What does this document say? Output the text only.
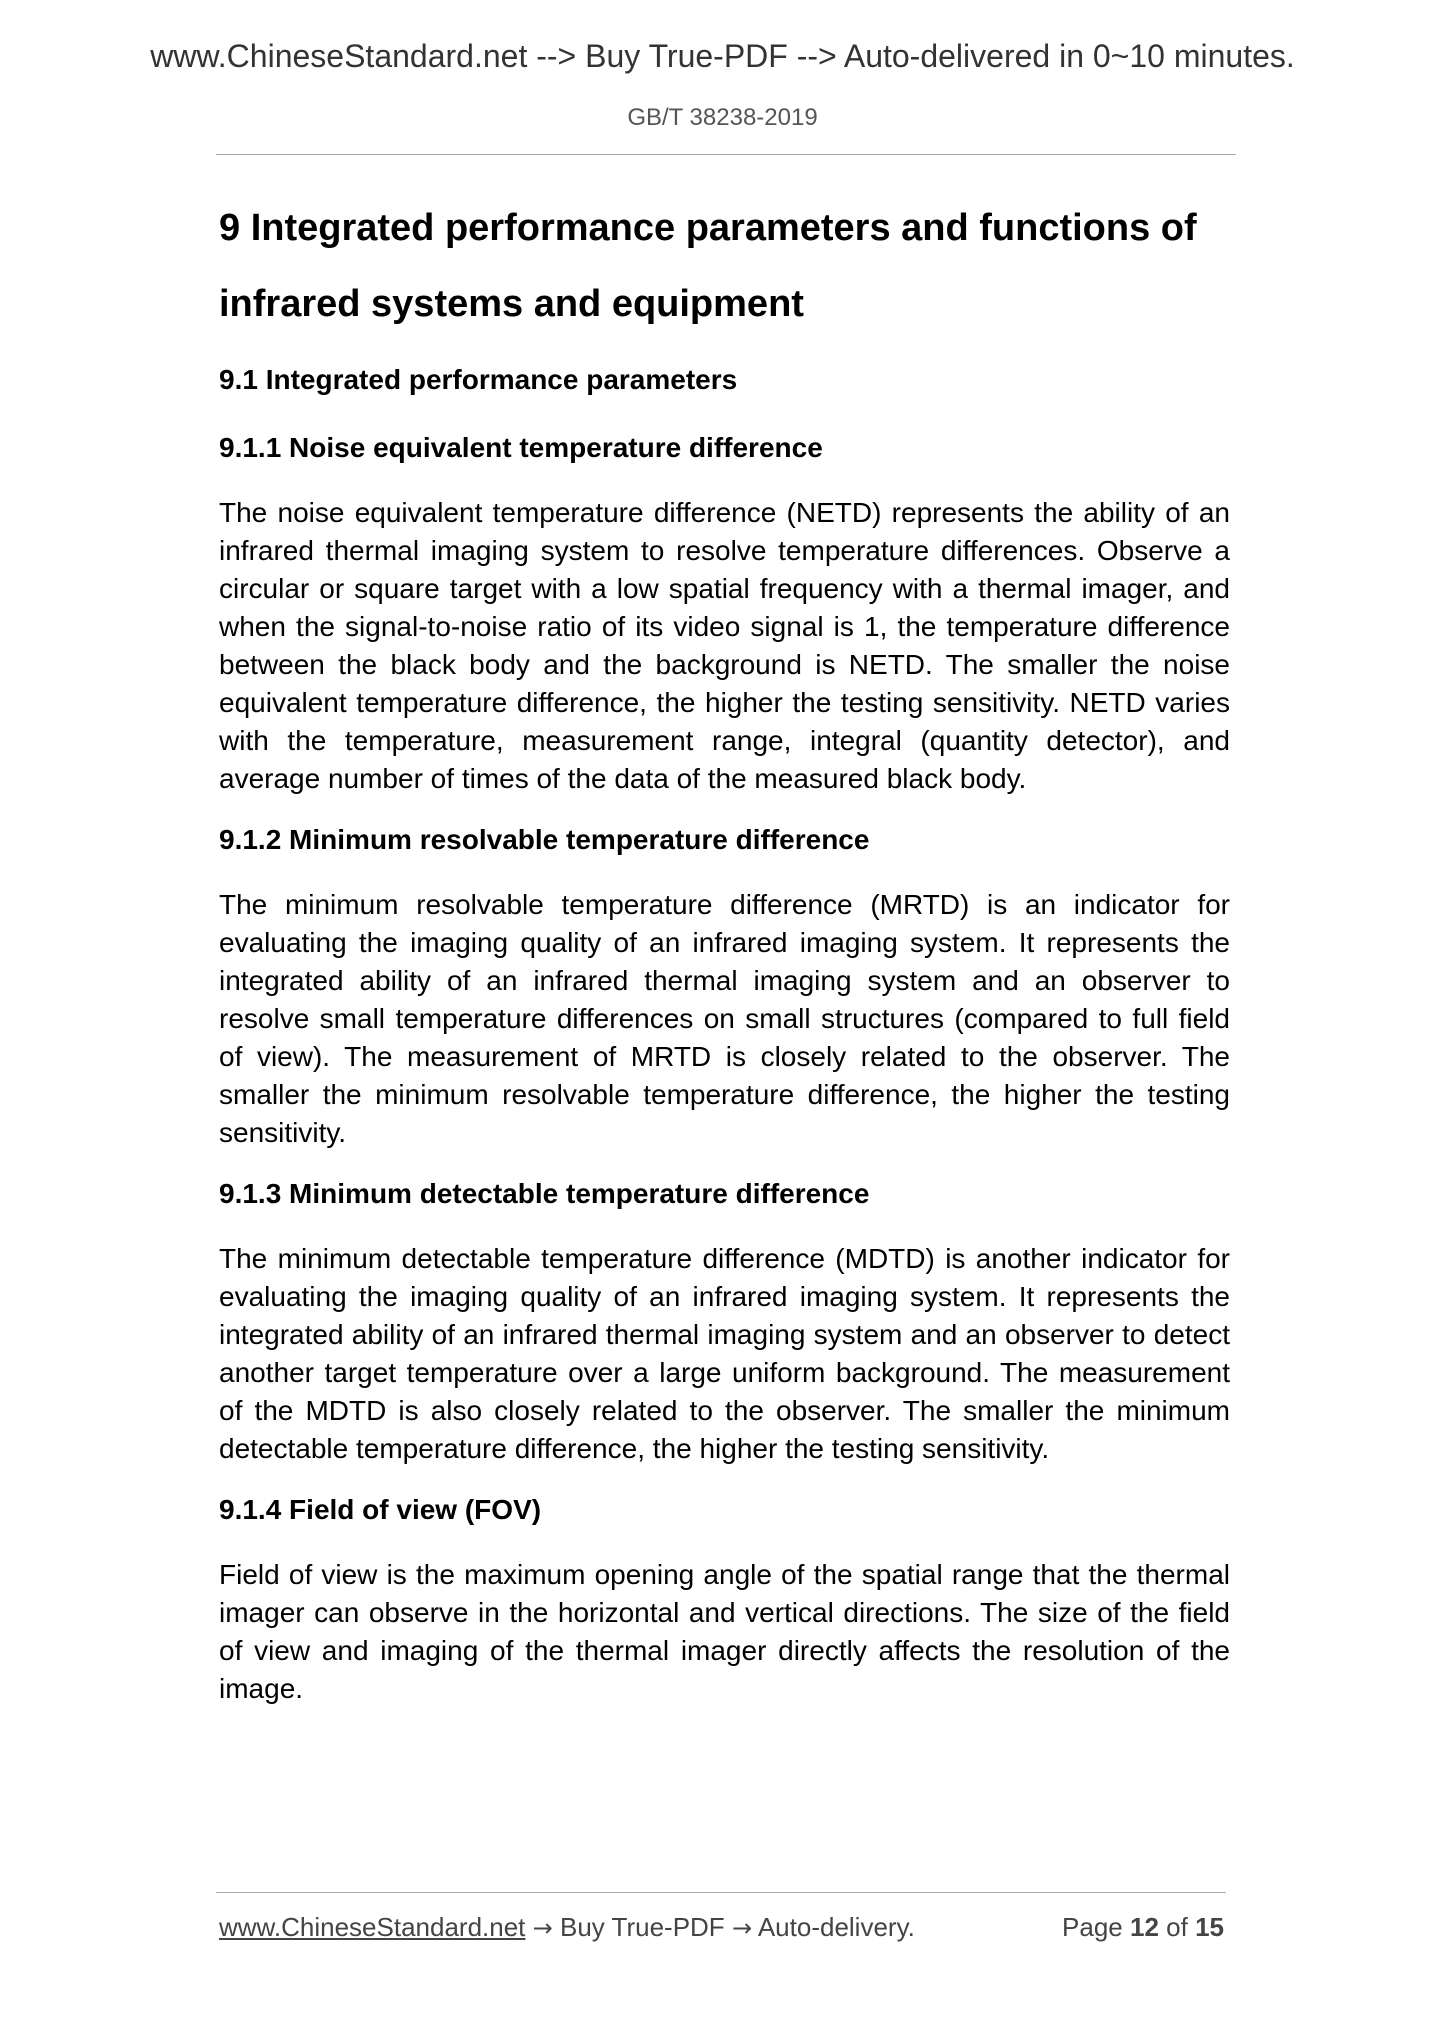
www.ChineseStandard.net --> Buy True-PDF --> Auto-delivered in 0~10 minutes.
GB/T 38238-2019
9 Integrated performance parameters and functions of infrared systems and equipment
9.1 Integrated performance parameters
9.1.1 Noise equivalent temperature difference

The noise equivalent temperature difference (NETD) represents the ability of an infrared thermal imaging system to resolve temperature differences. Observe a circular or square target with a low spatial frequency with a thermal imager, and when the signal-to-noise ratio of its video signal is 1, the temperature difference between the black body and the background is NETD. The smaller the noise equivalent temperature difference, the higher the testing sensitivity. NETD varies with the temperature, measurement range, integral (quantity detector), and average number of times of the data of the measured black body.

9.1.2 Minimum resolvable temperature difference

The minimum resolvable temperature difference (MRTD) is an indicator for evaluating the imaging quality of an infrared imaging system. It represents the integrated ability of an infrared thermal imaging system and an observer to resolve small temperature differences on small structures (compared to full field of view). The measurement of MRTD is closely related to the observer. The smaller the minimum resolvable temperature difference, the higher the testing sensitivity.

9.1.3 Minimum detectable temperature difference

The minimum detectable temperature difference (MDTD) is another indicator for evaluating the imaging quality of an infrared imaging system. It represents the integrated ability of an infrared thermal imaging system and an observer to detect another target temperature over a large uniform background. The measurement of the MDTD is also closely related to the observer. The smaller the minimum detectable temperature difference, the higher the testing sensitivity.

9.1.4 Field of view (FOV)

Field of view is the maximum opening angle of the spatial range that the thermal imager can observe in the horizontal and vertical directions. The size of the field of view and imaging of the thermal imager directly affects the resolution of the image.

www.ChineseStandard.net → Buy True-PDF → Auto-delivery.	Page 12 of 15
